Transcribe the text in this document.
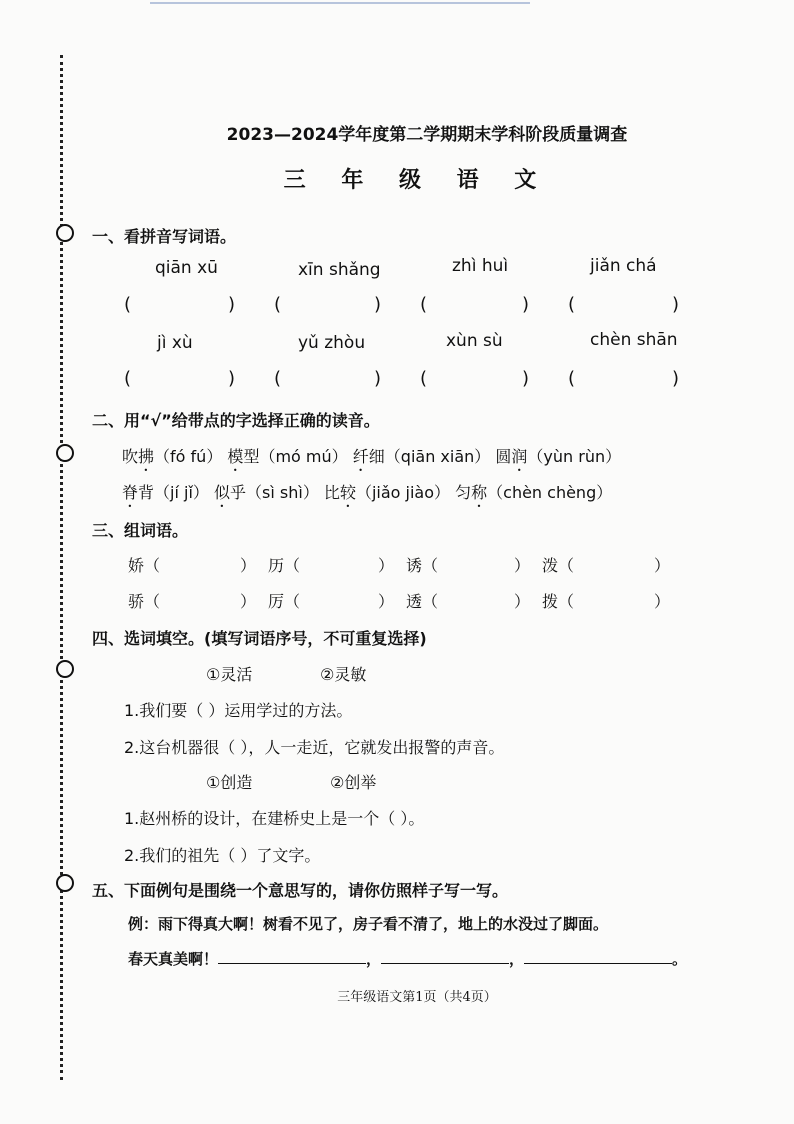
2023—2024学年度第二学期期末学科阶段质量调查
三 年 级 语 文
一、看拼音写词语。
qiān xū	xīn shǎng	zhì huì	jiǎn chá
(	) (	) (	) (	)
jì xù	yǔ zhòu	xùn sù	chèn shān
(	) (	) (	) (	)
二、用“√”给带点的字选择正确的读音。
吹拂（fó fú） 模型（mó mú） 纤细（qiān xiān） 圆润（yùn rùn）
脊背（jí jǐ） 似乎（sì shì） 比较（jiǎo jiào） 匀称（chèn chèng）
三、组词语。
娇（	） 历（	） 诱（	） 泼（	）
骄（	） 厉（	） 透（	） 拨（	）
四、选词填空。(填写词语序号，不可重复选择)
①灵活	②灵敏
1.我们要（ ）运用学过的方法。
2.这台机器很（ ），人一走近，它就发出报警的声音。
①创造	②创举
1.赵州桥的设计，在建桥史上是一个（ ）。
2.我们的祖先（ ）了文字。
五、下面例句是围绕一个意思写的，请你仿照样子写一写。
例：雨下得真大啊！树看不见了，房子看不清了，地上的水没过了脚面。
春天真美啊！	，	，	。
三年级语文第1页（共4页）
